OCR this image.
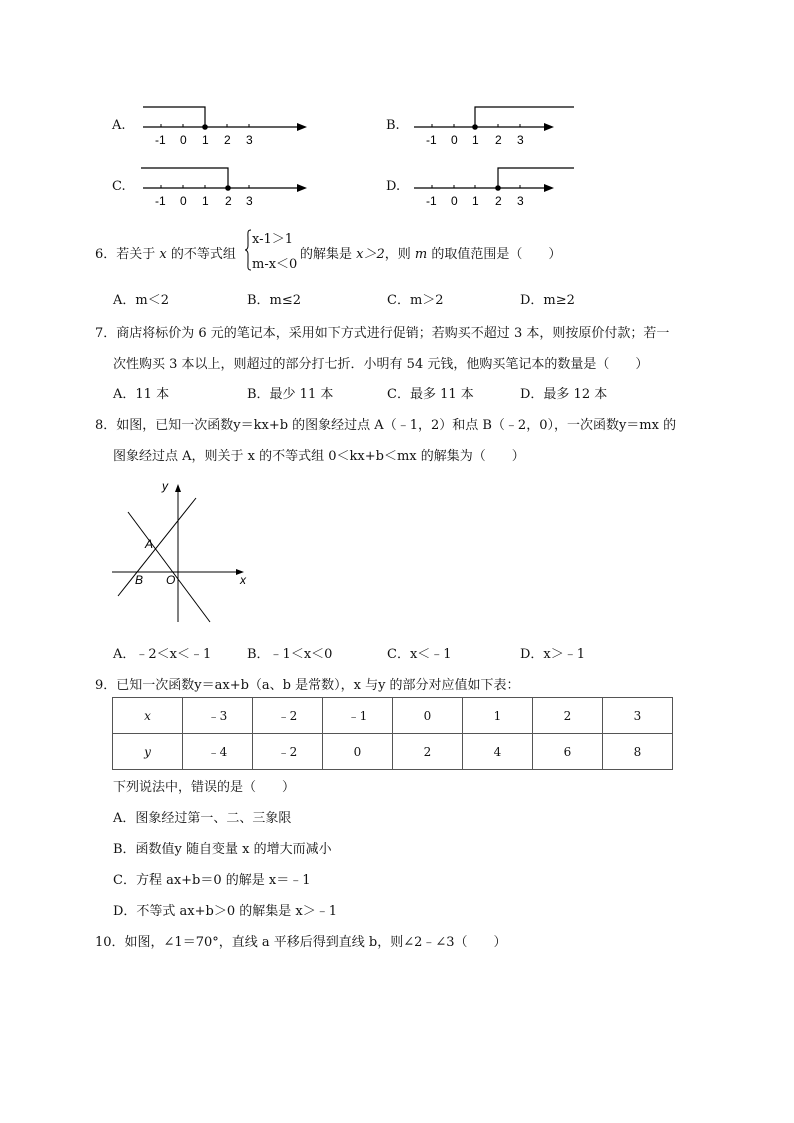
A.
-1 0 1 2 3
B.
-1 0 1 2 3
C.
-1 0 1 2 3
D.
-1 0 1 2 3
6．若关于 x 的不等式组
x-1＞1
m-x＜0
的解集是 x＞2，则 m 的取值范围是（　　）
A．m＜2	B．m≤2	C．m＞2	D．m≥2
7．商店将标价为 6 元的笔记本，采用如下方式进行促销；若购买不超过 3 本，则按原价付款；若一
次性购买 3 本以上，则超过的部分打七折．小明有 54 元钱，他购买笔记本的数量是（　　）
A．11 本	B．最少 11 本	C．最多 11 本	D．最多 12 本
8．如图，已知一次函数y＝kx+b 的图象经过点 A（﹣1，2）和点 B（﹣2，0），一次函数y＝mx 的
图象经过点 A，则关于 x 的不等式组 0＜kx+b＜mx 的解集为（　　）
y
x
A
B O
A．﹣2＜x＜﹣1	B．﹣1＜x＜0	C．x＜﹣1	D．x＞﹣1
9．已知一次函数y＝ax+b（a、b 是常数），x 与y 的部分对应值如下表：
x	﹣3	﹣2	﹣1	0	1	2	3
y	﹣4	﹣2	0	2	4	6	8
下列说法中，错误的是（　　）
A．图象经过第一、二、三象限
B．函数值y 随自变量 x 的增大而减小
C．方程 ax+b＝0 的解是 x＝﹣1
D．不等式 ax+b＞0 的解集是 x＞﹣1
10．如图，∠1＝70°，直线 a 平移后得到直线 b，则∠2﹣∠3（　　）
